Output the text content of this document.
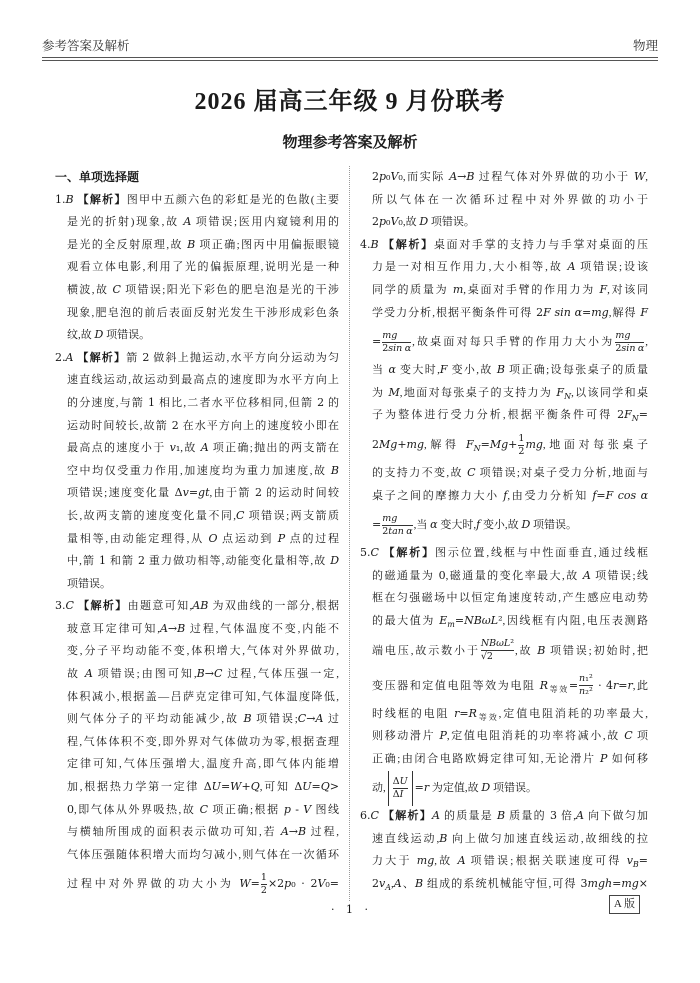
参考答案及解析	物理
2026 届高三年级 9 月份联考
物理参考答案及解析
一、单项选择题
1.B 【解析】图甲中五颜六色的彩虹是光的色散(主要
是光的折射)现象,故 A 项错误;医用内窥镜利用的
是光的全反射原理,故 B 项正确;图丙中用偏振眼镜
观看立体电影,利用了光的偏振原理,说明光是一种
横波,故 C 项错误;阳光下彩色的肥皂泡是光的干涉
现象,肥皂泡的前后表面反射光发生干涉形成彩色条
纹,故 D 项错误。
2.A 【解析】箭 2 做斜上抛运动,水平方向分运动为匀
速直线运动,故运动到最高点的速度即为水平方向上
的分速度,与箭 1 相比,二者水平位移相同,但箭 2 的
运动时间较长,故箭 2 在水平方向上的速度较小即在
最高点的速度小于 v₁,故 A 项正确;抛出的两支箭在
空中均仅受重力作用,加速度均为重力加速度,故 B
项错误;速度变化量 Δv=gt,由于箭 2 的运动时间较
长,故两支箭的速度变化量不同,C 项错误;两支箭质
量相等,由动能定理得,从 O 点运动到 P 点的过程
中,箭 1 和箭 2 重力做功相等,动能变化量相等,故 D
项错误。
3.C 【解析】由题意可知,AB 为双曲线的一部分,根据
玻意耳定律可知,A→B 过程,气体温度不变,内能不
变,分子平均动能不变,体积增大,气体对外界做功,
故 A 项错误;由图可知,B→C 过程,气体压强一定,
体积减小,根据盖—吕萨克定律可知,气体温度降低,
则气体分子的平均动能减少,故 B 项错误;C→A 过
程,气体体积不变,即外界对气体做功为零,根据查理
定律可知,气体压强增大,温度升高,即气体内能增
加,根据热力学第一定律 ΔU=W+Q,可知 ΔU=Q>
0,即气体从外界吸热,故 C 项正确;根据 p - V 图线
与横轴所围成的面积表示做功可知,若 A→B 过程,
气体压强随体积增大而均匀减小,则气体在一次循环
过程中对外界做的功大小为 $W= \frac{1}{2} \times 2p_0 \cdot 2V_0=$
2p₀V₀,而实际 A→B 过程气体对外界做的功小于 W,
所以气体在一次循环过程中对外界做的功小于
2p₀V₀,故 D 项错误。
4.B 【解析】桌面对手掌的支持力与手掌对桌面的压
力是一对相互作用力,大小相等,故 A 项错误;设该
同学的质量为 m,桌面对手臂的作用力为 F,对该同
学受力分析,根据平衡条件可得 2F sin α=mg,解得 F
= $\frac{mg}{\text{2sin α}}$ ,故桌面对每只手臂的作用力大小为 $\frac{mg}{\text{2sin α}}$ ,
当 α 变大时,F 变小,故 B 项正确;设每张桌子的质量
为 M,地面对每张桌子的支持力为 $F_N$,以该同学和桌
子为整体进行受力分析,根据平衡条件可得 $2F_N=$
2Mg+mg,解得 $F_N=Mg+ \frac{1}{2}$ mg,地面对每张桌子
的支持力不变,故 C 项错误;对桌子受力分析,地面与
桌子之间的摩擦力大小 f,由受力分析知 f=F cos α
= $\frac{mg}{\text{2tan α}}$ ,当 α 变大时,f 变小,故 D 项错误。
5.C 【解析】图示位置,线框与中性面垂直,通过线框
的磁通量为 0,磁通量的变化率最大,故 A 项错误;线
框在匀强磁场中以恒定角速度转动,产生感应电动势
的最大值为 $E_m=NB\omega L^2$,因线框有内阻,电压表测路
端电压,故示数小于 $\frac{\text{NBωL²}}{√2}$ ,故 B 项错误;初始时,把
变压器和定值电阻等效为电阻 $R_{等效}= \frac{\text{n₁²}}{\text{n₂²}} \cdot 4r=r$,此
时线框的电阻 $r=R_{等效}$,定值电阻消耗的功率最大,
则移动滑片 P,定值电阻消耗的功率将减小,故 C 项
正确;由闭合电路欧姆定律可知,无论滑片 P 如何移
动, $\frac{\Delta U}{\Delta I} =r$ 为定值,故 D 项错误。
6.C 【解析】A 的质量是 B 质量的 3 倍,A 向下做匀加
速直线运动,B 向上做匀加速直线运动,故细线的拉
力大于 mg,故 A 项错误;根据关联速度可得 $v_B=$
$2v_A,A$、B 组成的系统机械能守恒,可得 3mgh=mg×
· 1 ·	A 版
